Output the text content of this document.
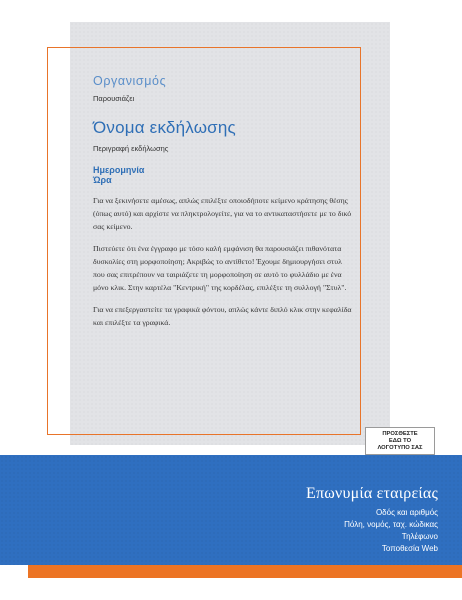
Οργανισμός
Παρουσιάζει
Όνομα εκδήλωσης
Περιγραφή εκδήλωσης
Ημερομηνία
Ώρα

Για να ξεκινήσετε αμέσως, απλώς επιλέξτε οποιοδήποτε κείμενο κράτησης θέσης (όπως αυτό) και αρχίστε να πληκτρολογείτε, για να το αντικαταστήσετε με το δικό σας κείμενο.

Πιστεύετε ότι ένα έγγραφο με τόσο καλή εμφάνιση θα παρουσιάζει πιθανότατα δυσκολίες στη μορφοποίηση; Ακριβώς το αντίθετο! Έχουμε δημιουργήσει στυλ που σας επιτρέπουν να ταιριάζετε τη μορφοποίηση σε αυτό το φυλλάδιο με ένα μόνο κλικ. Στην καρτέλα "Κεντρική" της κορδέλας, επιλέξτε τη συλλογή "Στυλ".

Για να επεξεργαστείτε τα γραφικά φόντου, απλώς κάντε διπλό κλικ στην κεφαλίδα και επιλέξτε τα γραφικά.

ΠΡΟΣΘΕΣΤΕ
ΕΔΩ ΤΟ
ΛΟΓΟΤΥΠΟ ΣΑΣ
Επωνυμία εταιρείας
Οδός και αριθμός
Πόλη, νομός, ταχ. κώδικας
Τηλέφωνο
Τοποθεσία Web
